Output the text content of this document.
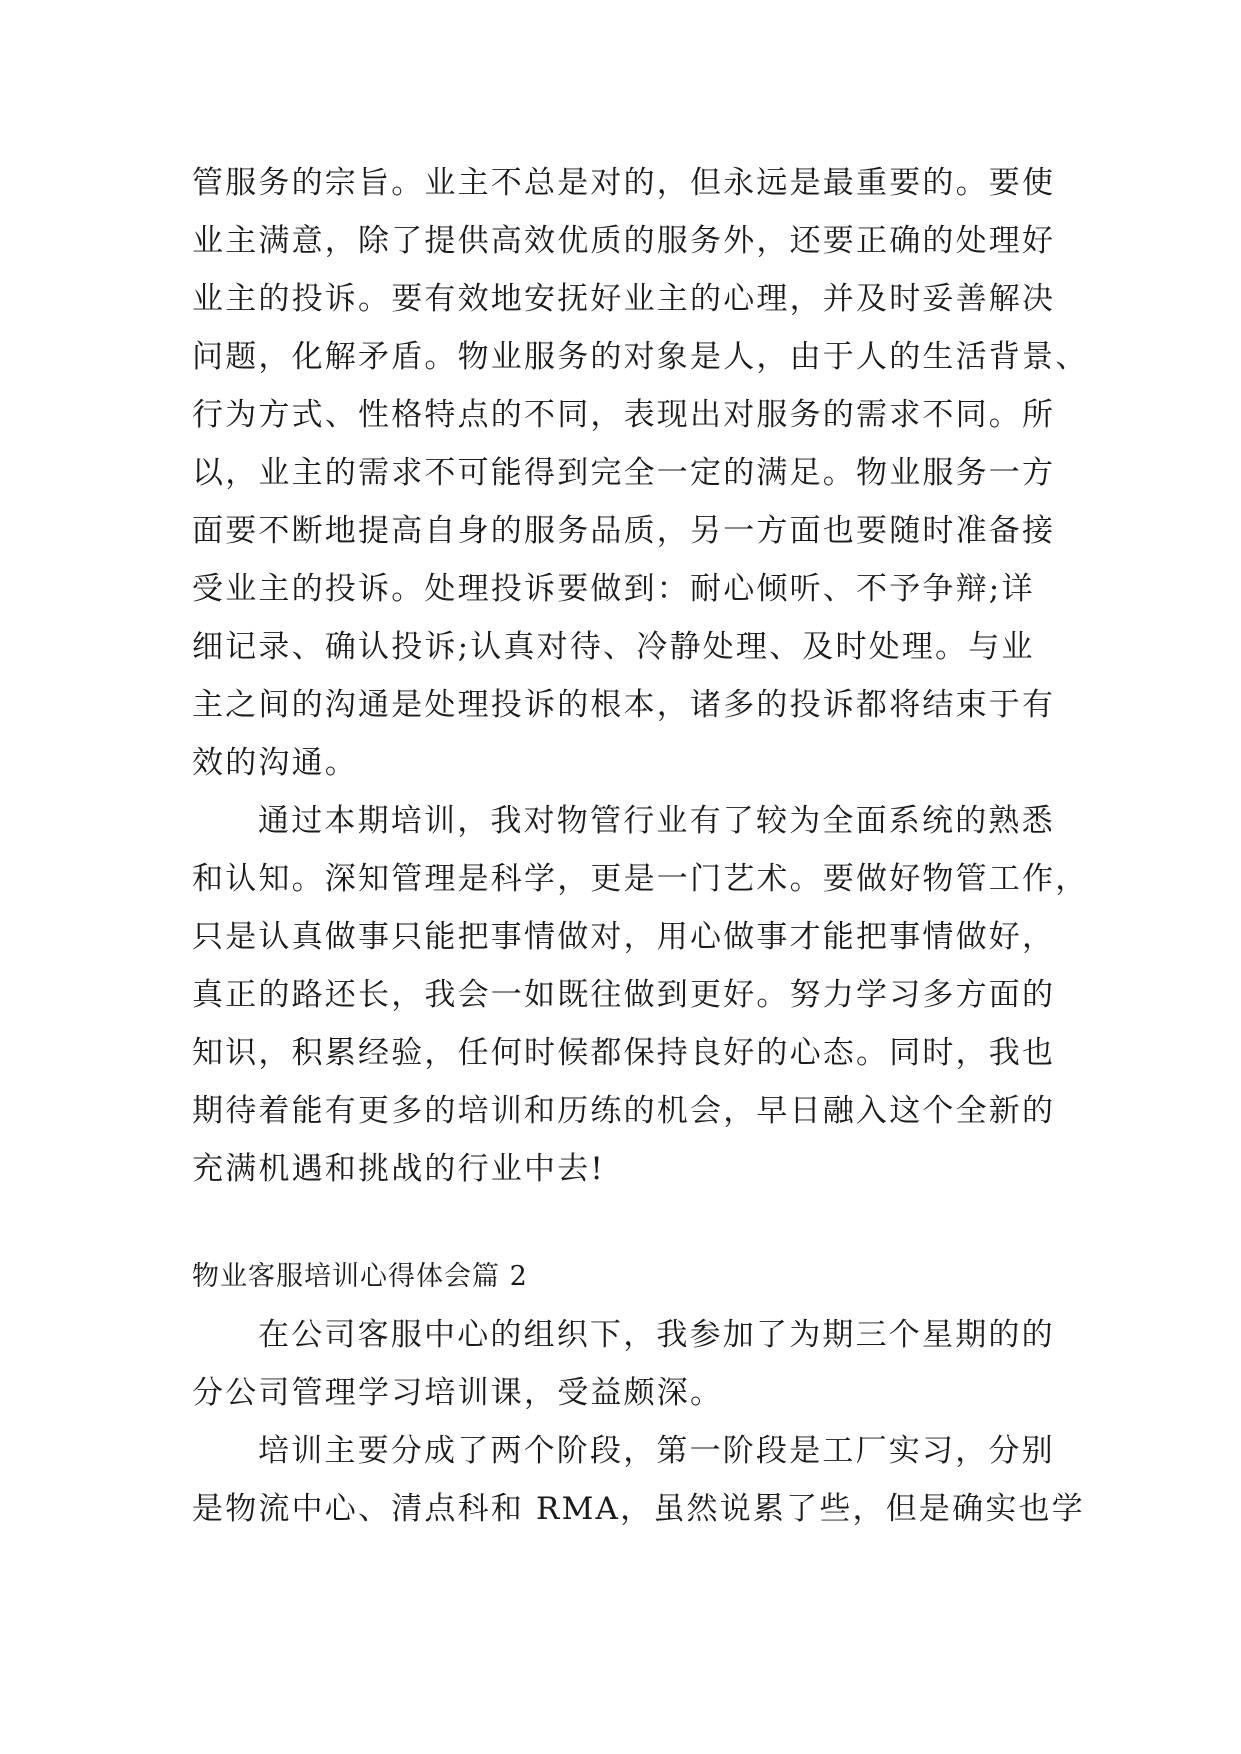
管服务的宗旨。业主不总是对的，但永远是最重要的。要使
业主满意，除了提供高效优质的服务外，还要正确的处理好
业主的投诉。要有效地安抚好业主的心理，并及时妥善解决
问题，化解矛盾。物业服务的对象是人，由于人的生活背景、
行为方式、性格特点的不同，表现出对服务的需求不同。所
以，业主的需求不可能得到完全一定的满足。物业服务一方
面要不断地提高自身的服务品质，另一方面也要随时准备接
受业主的投诉。处理投诉要做到：耐心倾听、不予争辩;详
细记录、确认投诉;认真对待、冷静处理、及时处理。与业
主之间的沟通是处理投诉的根本，诸多的投诉都将结束于有
效的沟通。
通过本期培训，我对物管行业有了较为全面系统的熟悉
和认知。深知管理是科学，更是一门艺术。要做好物管工作，
只是认真做事只能把事情做对，用心做事才能把事情做好，
真正的路还长，我会一如既往做到更好。努力学习多方面的
知识，积累经验，任何时候都保持良好的心态。同时，我也
期待着能有更多的培训和历练的机会，早日融入这个全新的
充满机遇和挑战的行业中去!
物业客服培训心得体会篇 2
在公司客服中心的组织下，我参加了为期三个星期的的
分公司管理学习培训课，受益颇深。
培训主要分成了两个阶段，第一阶段是工厂实习，分别
是物流中心、清点科和 RMA，虽然说累了些，但是确实也学
